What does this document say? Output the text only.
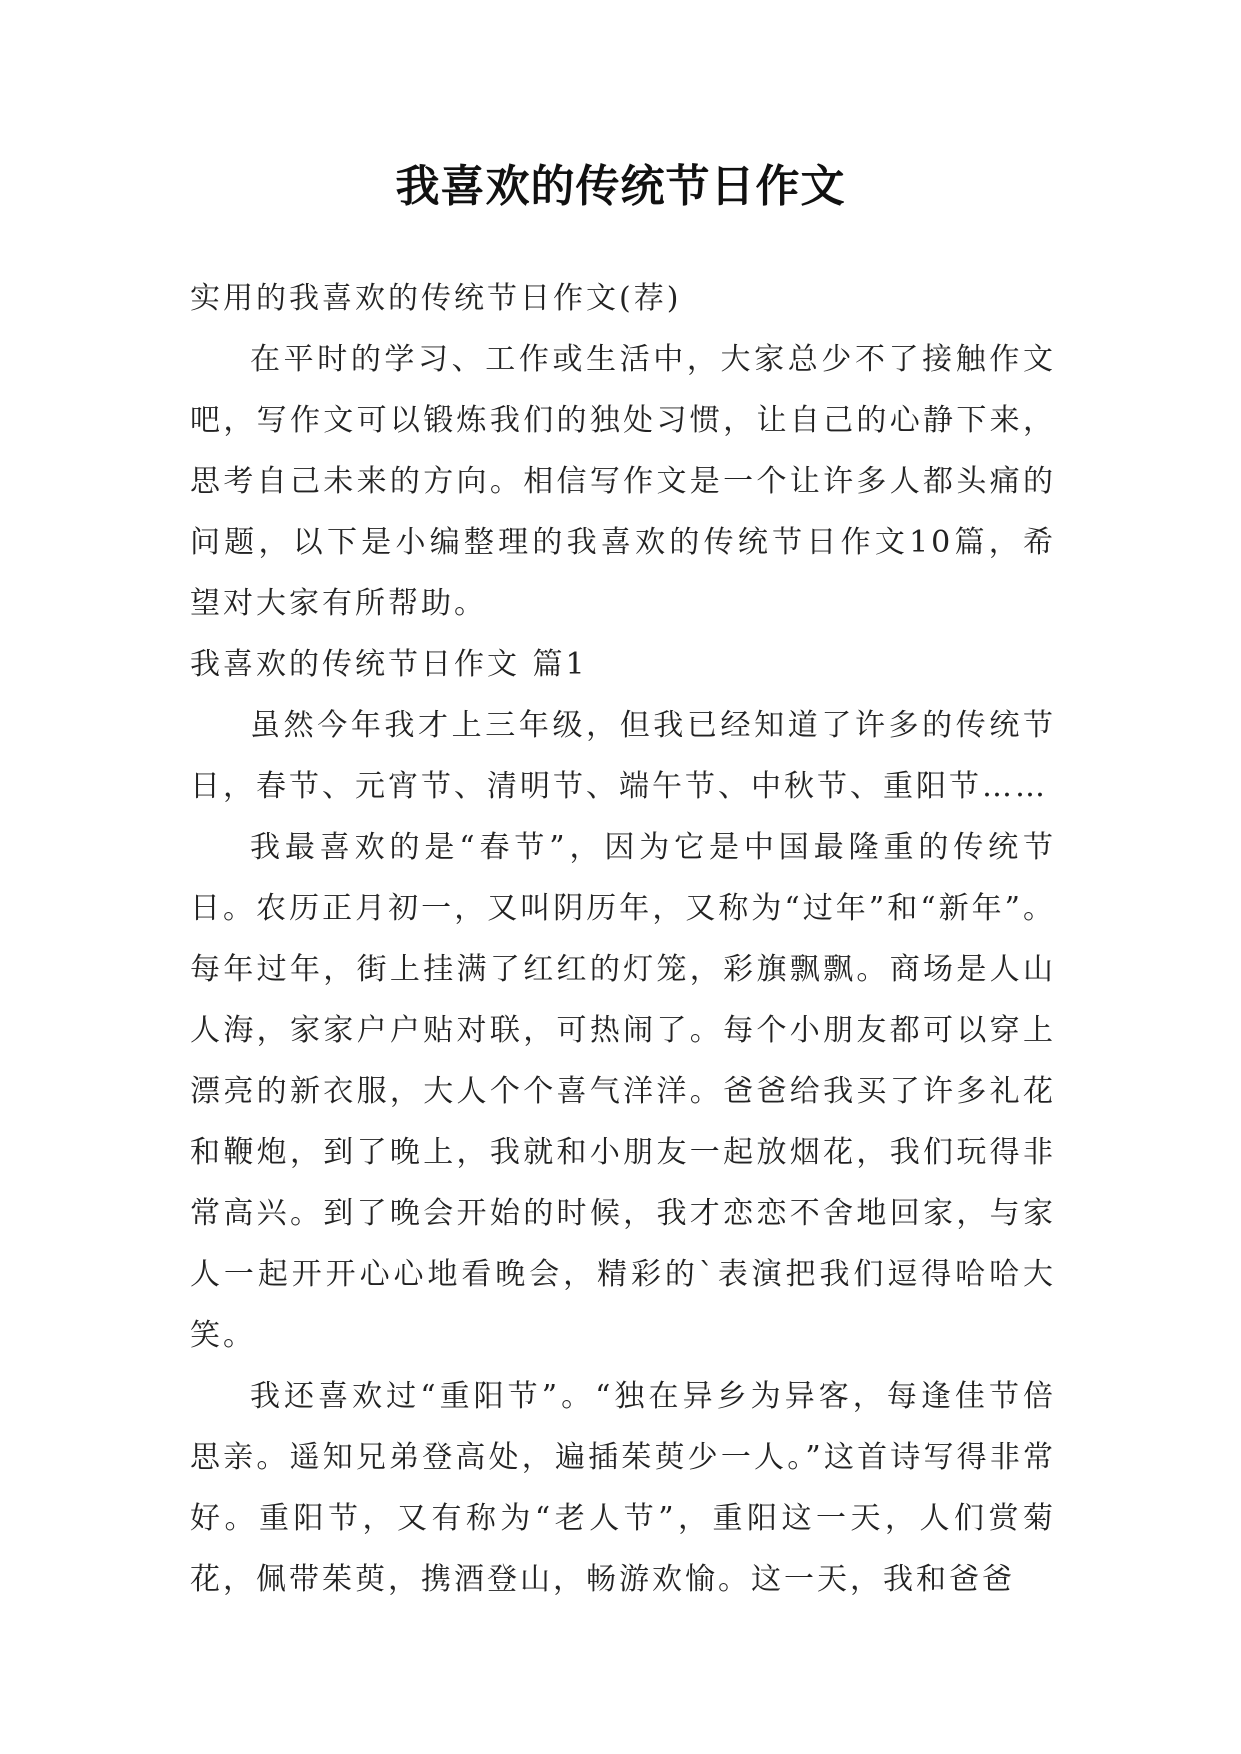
我喜欢的传统节日作文

实用的我喜欢的传统节日作文(荐)

在平时的学习、工作或生活中，大家总少不了接触作文吧，写作文可以锻炼我们的独处习惯，让自己的心静下来，思考自己未来的方向。相信写作文是一个让许多人都头痛的问题，以下是小编整理的我喜欢的传统节日作文10篇，希望对大家有所帮助。

我喜欢的传统节日作文 篇1

虽然今年我才上三年级，但我已经知道了许多的传统节日，春节、元宵节、清明节、端午节、中秋节、重阳节……

我最喜欢的是“春节”，因为它是中国最隆重的传统节日。农历正月初一，又叫阴历年，又称为“过年”和“新年”。每年过年，街上挂满了红红的灯笼，彩旗飘飘。商场是人山人海，家家户户贴对联，可热闹了。每个小朋友都可以穿上漂亮的新衣服，大人个个喜气洋洋。爸爸给我买了许多礼花和鞭炮，到了晚上，我就和小朋友一起放烟花，我们玩得非常高兴。到了晚会开始的时候，我才恋恋不舍地回家，与家人一起开开心心地看晚会，精彩的`表演把我们逗得哈哈大笑。

我还喜欢过“重阳节”。“独在异乡为异客，每逢佳节倍思亲。遥知兄弟登高处，遍插茱萸少一人。”这首诗写得非常好。重阳节，又有称为“老人节”，重阳这一天，人们赏菊花，佩带茱萸，携酒登山，畅游欢愉。这一天，我和爸爸
